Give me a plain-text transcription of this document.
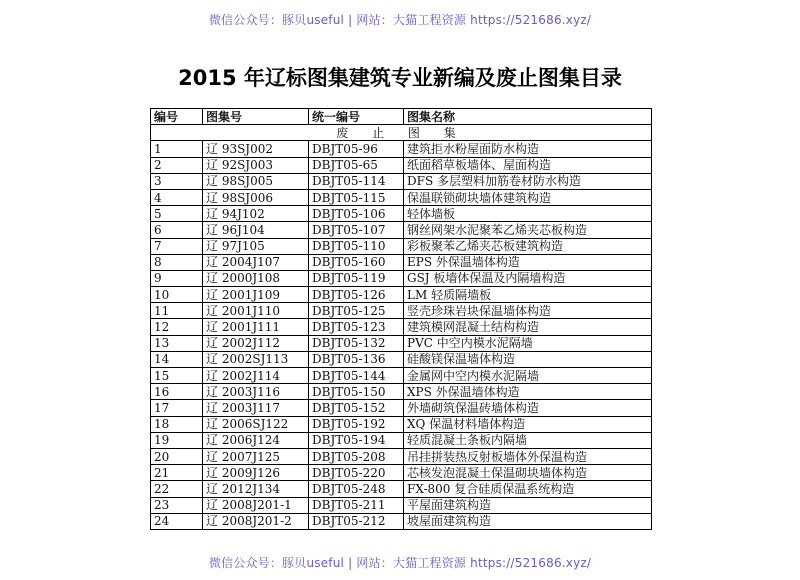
微信公众号：豚贝useful | 网站：大猫工程资源 https://521686.xyz/
2015 年辽标图集建筑专业新编及废止图集目录
编号	图集号	统一编号	图集名称
废 止 图 集			
1	辽 93SJ002	DBJT05-96	建筑拒水粉屋面防水构造
2	辽 92SJ003	DBJT05-65	纸面稻草板墙体、屋面构造
3	辽 98SJ005	DBJT05-114	DFS 多层塑料加筋卷材防水构造
4	辽 98SJ006	DBJT05-115	保温联锁砌块墙体建筑构造
5	辽 94J102	DBJT05-106	轻体墙板
6	辽 96J104	DBJT05-107	钢丝网架水泥聚苯乙烯夹芯板构造
7	辽 97J105	DBJT05-110	彩板聚苯乙烯夹芯板建筑构造
8	辽 2004J107	DBJT05-160	EPS 外保温墙体构造
9	辽 2000J108	DBJT05-119	GSJ 板墙体保温及内隔墙构造
10	辽 2001J109	DBJT05-126	LM 轻质隔墙板
11	辽 2001J110	DBJT05-125	竖壳珍珠岩块保温墙体构造
12	辽 2001J111	DBJT05-123	建筑模网混凝土结构构造
13	辽 2002J112	DBJT05-132	PVC 中空内模水泥隔墙
14	辽 2002SJ113	DBJT05-136	硅酸镁保温墙体构造
15	辽 2002J114	DBJT05-144	金属网中空内模水泥隔墙
16	辽 2003J116	DBJT05-150	XPS 外保温墙体构造
17	辽 2003J117	DBJT05-152	外墙砌筑保温砖墙体构造
18	辽 2006SJ122	DBJT05-192	XQ 保温材料墙体构造
19	辽 2006J124	DBJT05-194	轻质混凝土条板内隔墙
20	辽 2007J125	DBJT05-208	吊挂拼装热反射板墙体外保温构造
21	辽 2009J126	DBJT05-220	芯核发泡混凝土保温砌块墙体构造
22	辽 2012J134	DBJT05-248	FX-800 复合硅质保温系统构造
23	辽 2008J201-1	DBJT05-211	平屋面建筑构造
24	辽 2008J201-2	DBJT05-212	坡屋面建筑构造
微信公众号：豚贝useful | 网站：大猫工程资源 https://521686.xyz/
